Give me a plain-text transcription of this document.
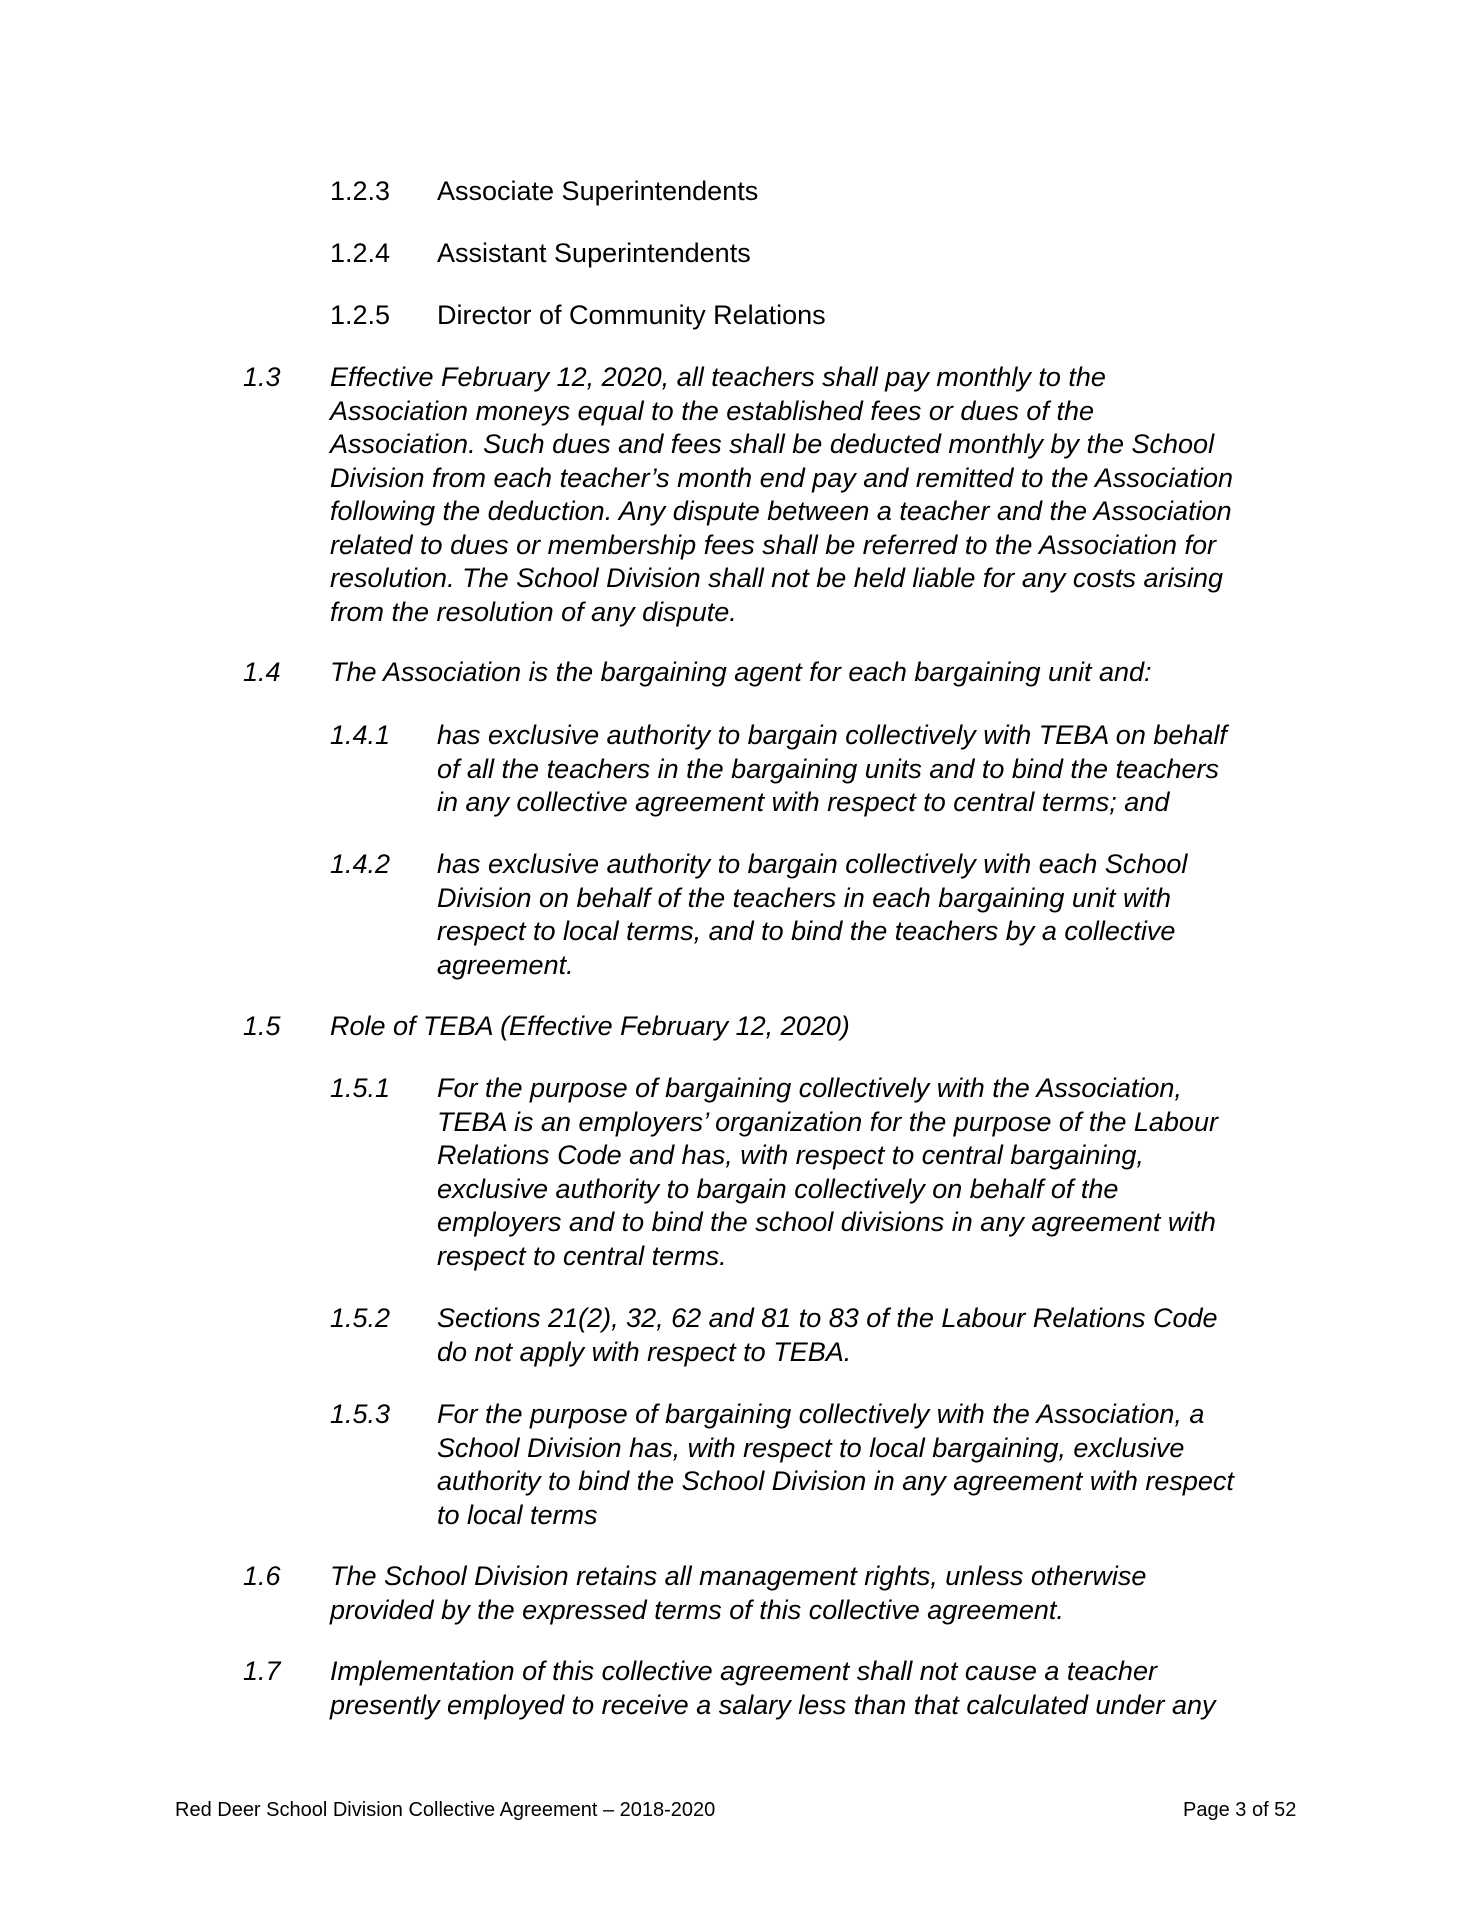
1.2.3 Associate Superintendents
1.2.4 Assistant Superintendents
1.2.5 Director of Community Relations
1.3 Effective February 12, 2020, all teachers shall pay monthly to the
Association moneys equal to the established fees or dues of the
Association. Such dues and fees shall be deducted monthly by the School
Division from each teacher’s month end pay and remitted to the Association
following the deduction. Any dispute between a teacher and the Association
related to dues or membership fees shall be referred to the Association for
resolution. The School Division shall not be held liable for any costs arising
from the resolution of any dispute.
1.4 The Association is the bargaining agent for each bargaining unit and:
1.4.1 has exclusive authority to bargain collectively with TEBA on behalf
of all the teachers in the bargaining units and to bind the teachers
in any collective agreement with respect to central terms; and
1.4.2 has exclusive authority to bargain collectively with each School
Division on behalf of the teachers in each bargaining unit with
respect to local terms, and to bind the teachers by a collective
agreement.
1.5 Role of TEBA (Effective February 12, 2020)
1.5.1 For the purpose of bargaining collectively with the Association,
TEBA is an employers’ organization for the purpose of the Labour
Relations Code and has, with respect to central bargaining,
exclusive authority to bargain collectively on behalf of the
employers and to bind the school divisions in any agreement with
respect to central terms.
1.5.2 Sections 21(2), 32, 62 and 81 to 83 of the Labour Relations Code
do not apply with respect to TEBA.
1.5.3 For the purpose of bargaining collectively with the Association, a
School Division has, with respect to local bargaining, exclusive
authority to bind the School Division in any agreement with respect
to local terms
1.6 The School Division retains all management rights, unless otherwise
provided by the expressed terms of this collective agreement.
1.7 Implementation of this collective agreement shall not cause a teacher
presently employed to receive a salary less than that calculated under any
Red Deer School Division Collective Agreement – 2018-2020	Page 3 of 52
